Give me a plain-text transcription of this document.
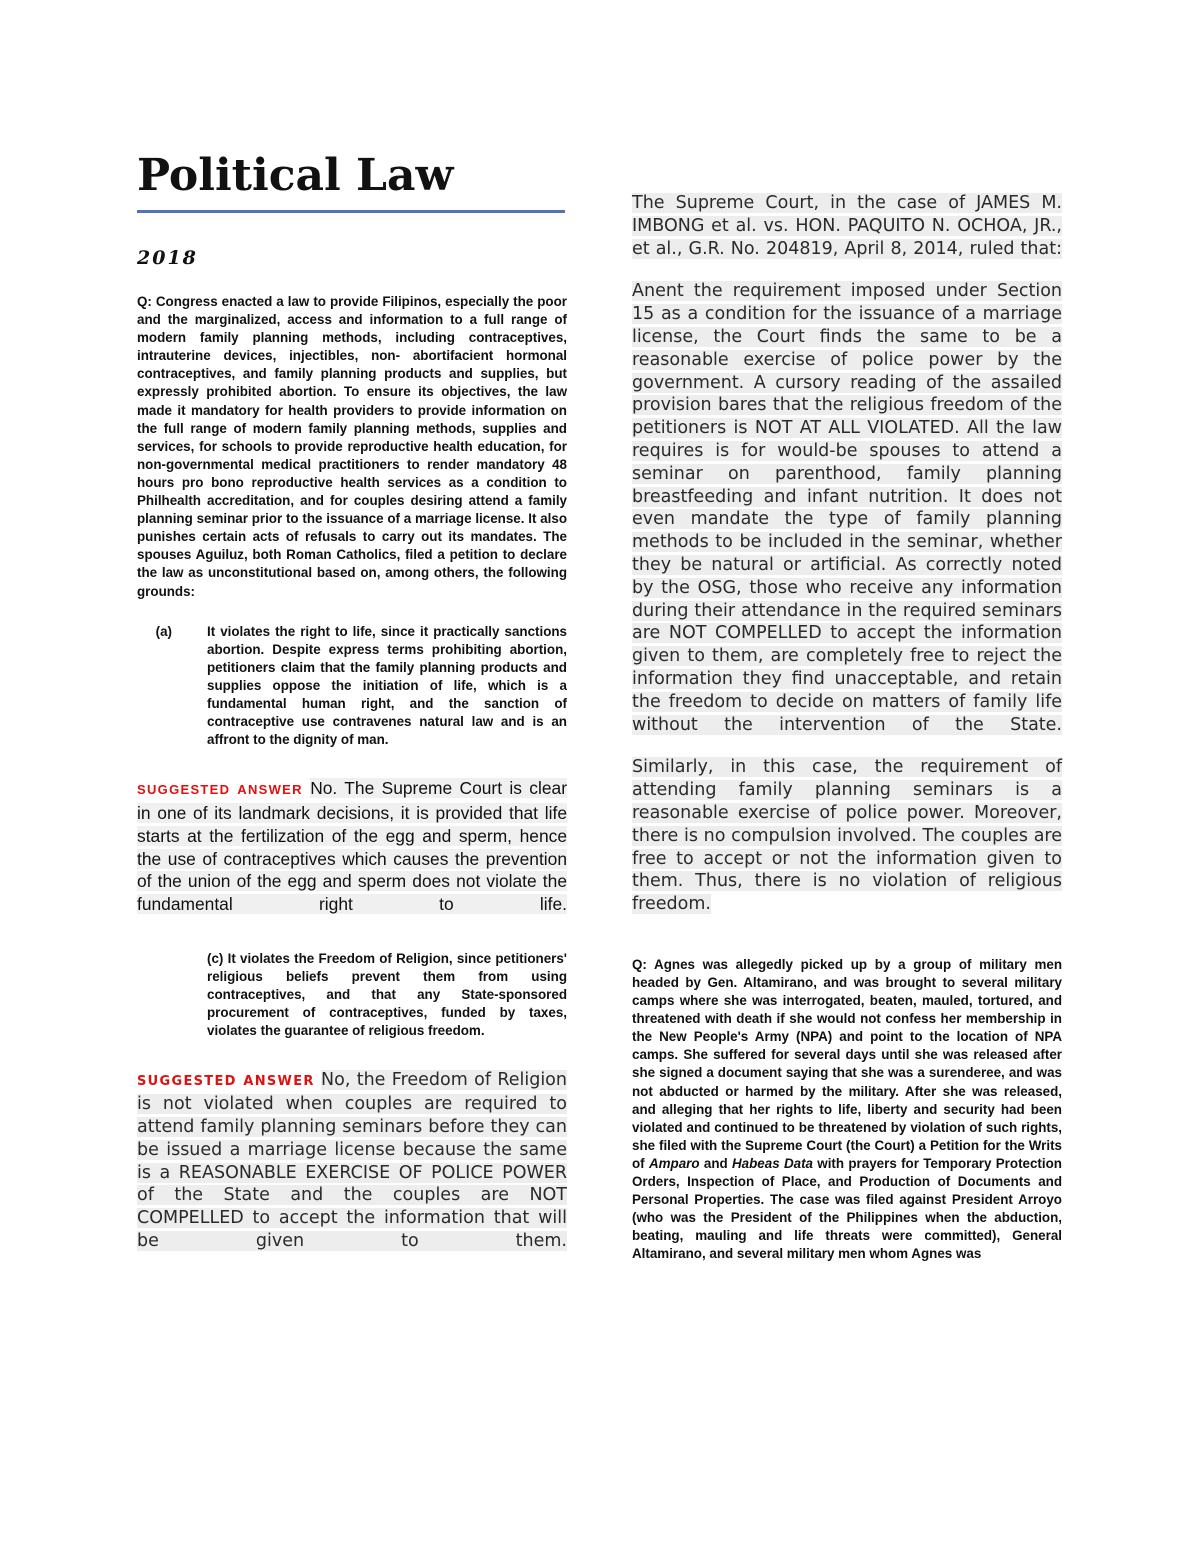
Political Law
2018

Q: Congress enacted a law to provide Filipinos, especially the poor and the marginalized, access and information to a full range of modern family planning methods, including contraceptives, intrauterine devices, injectibles, non- abortifacient hormonal contraceptives, and family planning products and supplies, but expressly prohibited abortion. To ensure its objectives, the law made it mandatory for health providers to provide information on the full range of modern family planning methods, supplies and services, for schools to provide reproductive health education, for non-governmental medical practitioners to render mandatory 48 hours pro bono reproductive health services as a condition to Philhealth accreditation, and for couples desiring attend a family planning seminar prior to the issuance of a marriage license. It also punishes certain acts of refusals to carry out its mandates. The spouses Aguiluz, both Roman Catholics, filed a petition to declare the law as unconstitutional based on, among others, the following grounds:

(a)	It violates the right to life, since it practically sanctions abortion. Despite express terms prohibiting abortion, petitioners claim that the family planning products and supplies oppose the initiation of life, which is a fundamental human right, and the sanction of contraceptive use contravenes natural law and is an affront to the dignity of man.

SUGGESTED ANSWER No. The Supreme Court is clear in one of its landmark decisions, it is provided that life starts at the fertilization of the egg and sperm, hence the use of contraceptives which causes the prevention of the union of the egg and sperm does not violate the fundamental right to life.

(c) It violates the Freedom of Religion, since petitioners' religious beliefs prevent them from using contraceptives, and that any State-sponsored procurement of contraceptives, funded by taxes, violates the guarantee of religious freedom.

SUGGESTED ANSWER No, the Freedom of Religion is not violated when couples are required to attend family planning seminars before they can be issued a marriage license because the same is a REASONABLE EXERCISE OF POLICE POWER of the State and the couples are NOT COMPELLED to accept the information that will be given to them.

The Supreme Court, in the case of JAMES M. IMBONG et al. vs. HON. PAQUITO N. OCHOA, JR., et al., G.R. No. 204819, April 8, 2014, ruled that:

Anent the requirement imposed under Section 15 as a condition for the issuance of a marriage license, the Court finds the same to be a reasonable exercise of police power by the government. A cursory reading of the assailed provision bares that the religious freedom of the petitioners is NOT AT ALL VIOLATED. All the law requires is for would-be spouses to attend a seminar on parenthood, family planning breastfeeding and infant nutrition. It does not even mandate the type of family planning methods to be included in the seminar, whether they be natural or artificial. As correctly noted by the OSG, those who receive any information during their attendance in the required seminars are NOT COMPELLED to accept the information given to them, are completely free to reject the information they find unacceptable, and retain the freedom to decide on matters of family life without the intervention of the State.

Similarly, in this case, the requirement of attending family planning seminars is a reasonable exercise of police power. Moreover, there is no compulsion involved. The couples are free to accept or not the information given to them. Thus, there is no violation of religious freedom.

Q: Agnes was allegedly picked up by a group of military men headed by Gen. Altamirano, and was brought to several military camps where she was interrogated, beaten, mauled, tortured, and threatened with death if she would not confess her membership in the New People's Army (NPA) and point to the location of NPA camps. She suffered for several days until she was released after she signed a document saying that she was a surenderee, and was not abducted or harmed by the military. After she was released, and alleging that her rights to life, liberty and security had been violated and continued to be threatened by violation of such rights, she filed with the Supreme Court (the Court) a Petition for the Writs of Amparo and Habeas Data with prayers for Temporary Protection Orders, Inspection of Place, and Production of Documents and Personal Properties. The case was filed against President Arroyo (who was the President of the Philippines when the abduction, beating, mauling and life threats were committed), General Altamirano, and several military men whom Agnes was
